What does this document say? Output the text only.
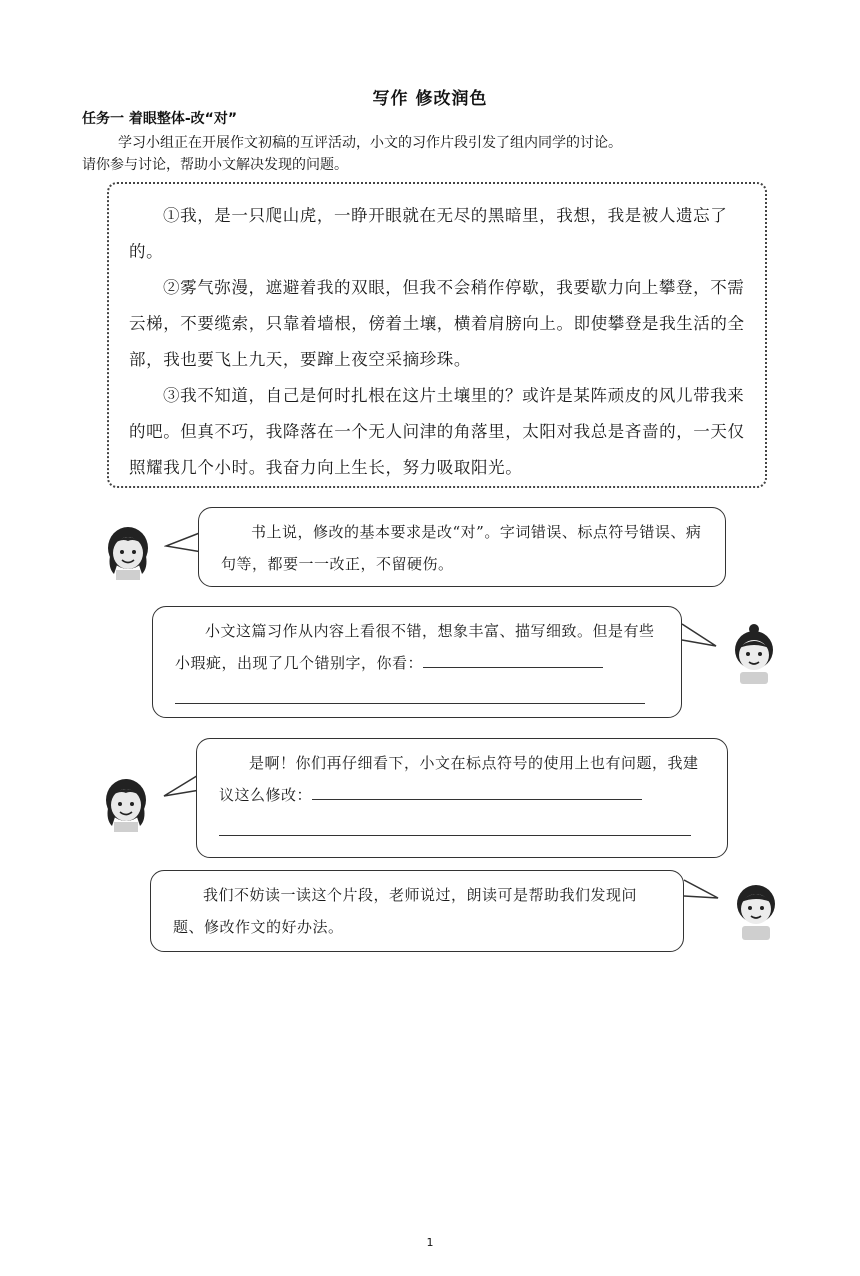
写作 修改润色
任务一 着眼整体-改“对”
学习小组正在开展作文初稿的互评活动，小文的习作片段引发了组内同学的讨论。
请你参与讨论，帮助小文解决发现的问题。

①我，是一只爬山虎，一睁开眼就在无尽的黑暗里，我想，我是被人遗忘了的。

②雾气弥漫，遮避着我的双眼，但我不会稍作停歇，我要歇力向上攀登，不需云梯，不要缆索，只靠着墙根，傍着土壤，横着肩膀向上。即使攀登是我生活的全部，我也要飞上九天，要蹿上夜空采摘珍珠。

③我不知道，自己是何时扎根在这片土壤里的？或许是某阵顽皮的风儿带我来的吧。但真不巧，我降落在一个无人问津的角落里，太阳对我总是吝啬的，一天仅照耀我几个小时。我奋力向上生长，努力吸取阳光。

书上说，修改的基本要求是改“对”。字词错误、标点符号错误、病句等，都要一一改正，不留硬伤。
小文这篇习作从内容上看很不错，想象丰富、描写细致。但是有些小瑕疵，出现了几个错别字，你看：
是啊！你们再仔细看下，小文在标点符号的使用上也有问题，我建议这么修改：
我们不妨读一读这个片段，老师说过，朗读可是帮助我们发现问题、修改作文的好办法。
1
